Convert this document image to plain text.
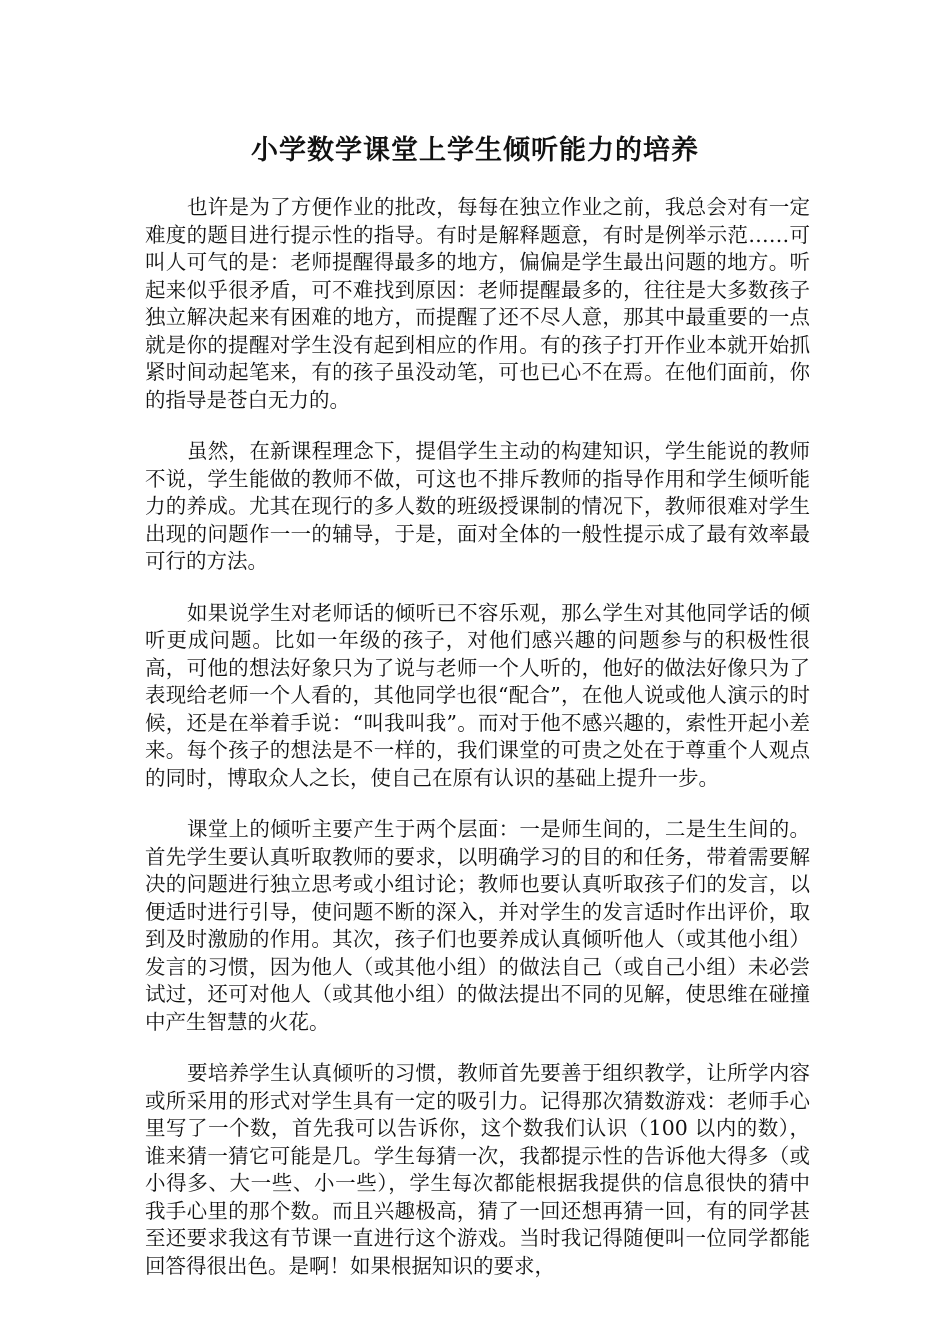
小学数学课堂上学生倾听能力的培养

也许是为了方便作业的批改，每每在独立作业之前，我总会对有一定难度的题目进行提示性的指导。有时是解释题意，有时是例举示范……可叫人可气的是：老师提醒得最多的地方，偏偏是学生最出问题的地方。听起来似乎很矛盾，可不难找到原因：老师提醒最多的，往往是大多数孩子独立解决起来有困难的地方，而提醒了还不尽人意，那其中最重要的一点就是你的提醒对学生没有起到相应的作用。有的孩子打开作业本就开始抓紧时间动起笔来，有的孩子虽没动笔，可也已心不在焉。在他们面前，你的指导是苍白无力的。

虽然，在新课程理念下，提倡学生主动的构建知识，学生能说的教师不说，学生能做的教师不做，可这也不排斥教师的指导作用和学生倾听能力的养成。尤其在现行的多人数的班级授课制的情况下，教师很难对学生出现的问题作一一的辅导，于是，面对全体的一般性提示成了最有效率最可行的方法。

如果说学生对老师话的倾听已不容乐观，那么学生对其他同学话的倾听更成问题。比如一年级的孩子，对他们感兴趣的问题参与的积极性很高，可他的想法好象只为了说与老师一个人听的，他好的做法好像只为了表现给老师一个人看的，其他同学也很“配合”，在他人说或他人演示的时候，还是在举着手说：“叫我叫我”。而对于他不感兴趣的，索性开起小差来。每个孩子的想法是不一样的，我们课堂的可贵之处在于尊重个人观点的同时，博取众人之长，使自己在原有认识的基础上提升一步。

课堂上的倾听主要产生于两个层面：一是师生间的，二是生生间的。首先学生要认真听取教师的要求，以明确学习的目的和任务，带着需要解决的问题进行独立思考或小组讨论；教师也要认真听取孩子们的发言，以便适时进行引导，使问题不断的深入，并对学生的发言适时作出评价，取到及时激励的作用。其次，孩子们也要养成认真倾听他人（或其他小组）发言的习惯，因为他人（或其他小组）的做法自己（或自己小组）未必尝试过，还可对他人（或其他小组）的做法提出不同的见解，使思维在碰撞中产生智慧的火花。

要培养学生认真倾听的习惯，教师首先要善于组织教学，让所学内容或所采用的形式对学生具有一定的吸引力。记得那次猜数游戏：老师手心里写了一个数，首先我可以告诉你，这个数我们认识（100 以内的数），谁来猜一猜它可能是几。学生每猜一次，我都提示性的告诉他大得多（或小得多、大一些、小一些），学生每次都能根据我提供的信息很快的猜中我手心里的那个数。而且兴趣极高，猜了一回还想再猜一回，有的同学甚至还要求我这有节课一直进行这个游戏。当时我记得随便叫一位同学都能回答得很出色。是啊！如果根据知识的要求，
